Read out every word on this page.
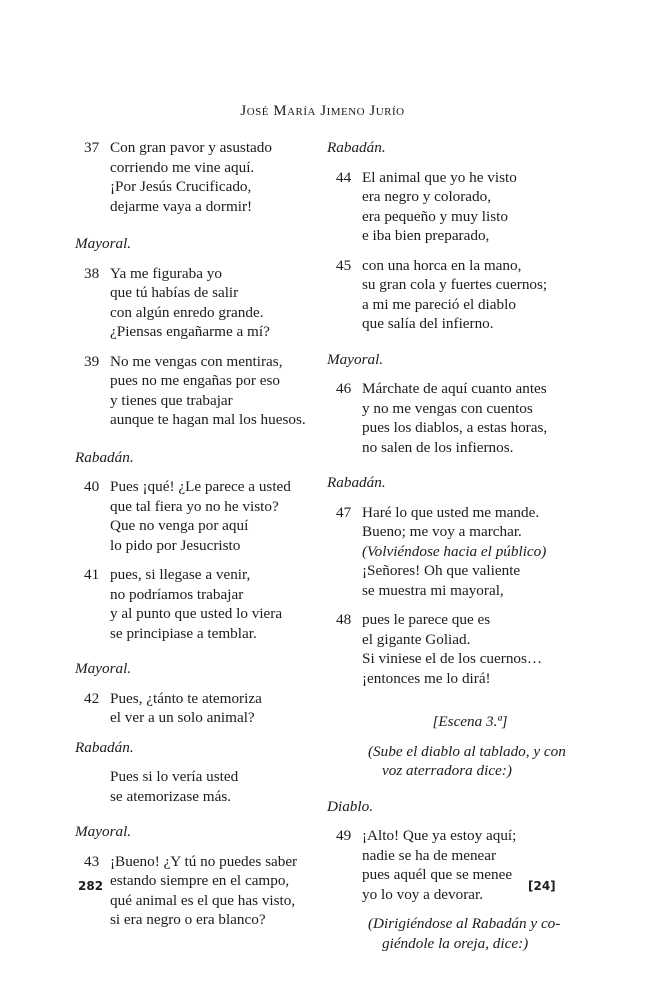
José María Jimeno Jurío
37 Con gran pavor y asustado
corriendo me vine aquí.
¡Por Jesús Crucificado,
dejarme vaya a dormir!
Mayoral.
38 Ya me figuraba yo
que tú habías de salir
con algún enredo grande.
¿Piensas engañarme a mí?
39 No me vengas con mentiras,
pues no me engañas por eso
y tienes que trabajar
aunque te hagan mal los huesos.
Rabadán.
40 Pues ¡qué! ¿Le parece a usted
que tal fiera yo no he visto?
Que no venga por aquí
lo pido por Jesucristo
41 pues, si llegase a venir,
no podríamos trabajar
y al punto que usted lo viera
se principiase a temblar.
Mayoral.
42 Pues, ¿tánto te atemoriza
el ver a un solo animal?
Rabadán.
Pues si lo vería usted
se atemorizase más.
Mayoral.
43 ¡Bueno! ¿Y tú no puedes saber
estando siempre en el campo,
qué animal es el que has visto,
si era negro o era blanco?
Rabadán.
44 El animal que yo he visto
era negro y colorado,
era pequeño y muy listo
e iba bien preparado,
45 con una horca en la mano,
su gran cola y fuertes cuernos;
a mi me pareció el diablo
que salía del infierno.
Mayoral.
46 Márchate de aquí cuanto antes
y no me vengas con cuentos
pues los diablos, a estas horas,
no salen de los infiernos.
Rabadán.
47 Haré lo que usted me mande.
Bueno; me voy a marchar.
(Volviéndose hacia el público)
¡Señores! Oh que valiente
se muestra mi mayoral,
48 pues le parece que es
el gigante Goliad.
Si viniese el de los cuernos…
¡entonces me lo dirá!
[Escena 3.ª]
(Sube el diablo al tablado, y con
voz aterradora dice:)
Diablo.
49 ¡Alto! Que ya estoy aquí;
nadie se ha de menear
pues aquél que se menee
yo lo voy a devorar.
(Dirigiéndose al Rabadán y co-
giéndole la oreja, dice:)
282	[24]
